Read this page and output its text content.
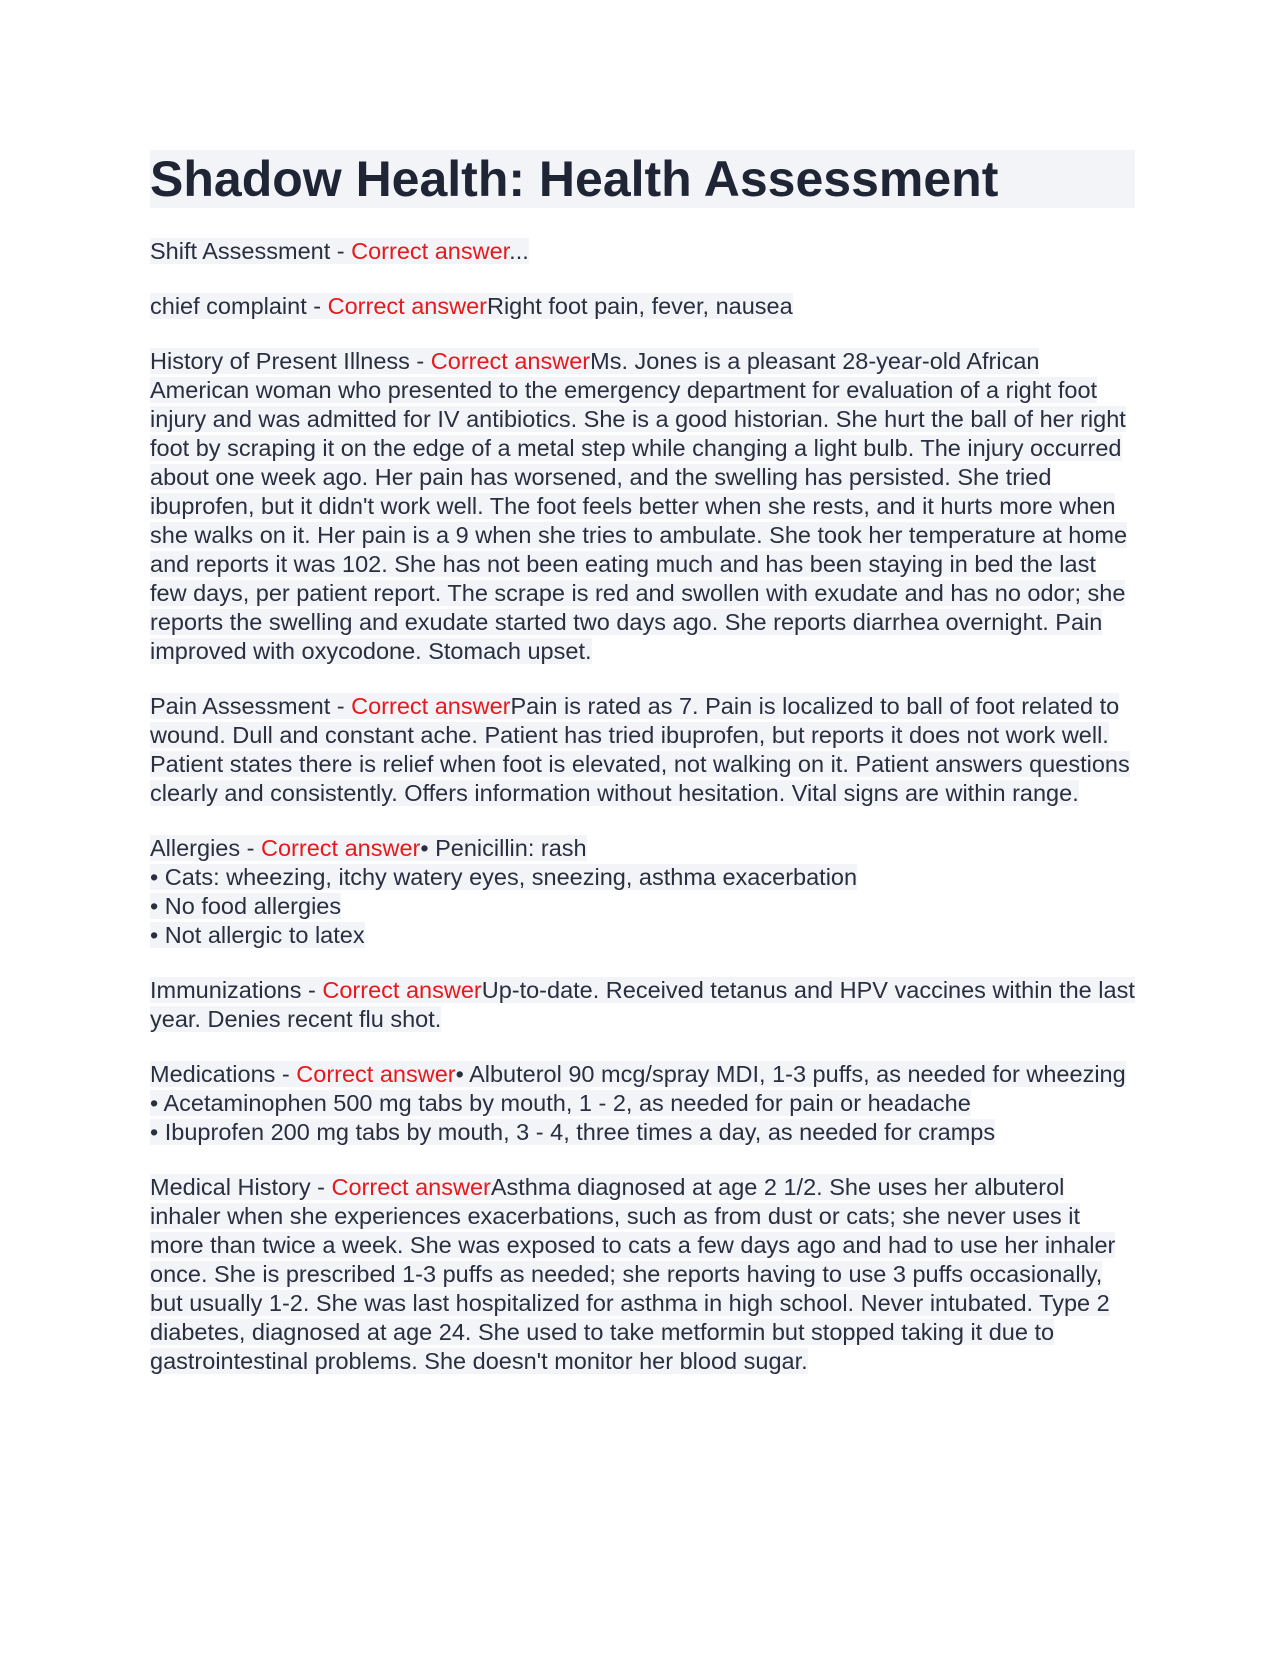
Shadow Health: Health Assessment

Shift Assessment - Correct answer...

chief complaint - Correct answerRight foot pain, fever, nausea

History of Present Illness - Correct answerMs. Jones is a pleasant 28-year-old African American woman who presented to the emergency department for evaluation of a right foot injury and was admitted for IV antibiotics. She is a good historian. She hurt the ball of her right foot by scraping it on the edge of a metal step while changing a light bulb. The injury occurred about one week ago. Her pain has worsened, and the swelling has persisted. She tried ibuprofen, but it didn't work well. The foot feels better when she rests, and it hurts more when she walks on it. Her pain is a 9 when she tries to ambulate. She took her temperature at home and reports it was 102. She has not been eating much and has been staying in bed the last few days, per patient report. The scrape is red and swollen with exudate and has no odor; she reports the swelling and exudate started two days ago. She reports diarrhea overnight. Pain improved with oxycodone. Stomach upset.

Pain Assessment - Correct answerPain is rated as 7. Pain is localized to ball of foot related to wound. Dull and constant ache. Patient has tried ibuprofen, but reports it does not work well. Patient states there is relief when foot is elevated, not walking on it. Patient answers questions clearly and consistently. Offers information without hesitation. Vital signs are within range.

Allergies - Correct answer• Penicillin: rash
• Cats: wheezing, itchy watery eyes, sneezing, asthma exacerbation
• No food allergies
• Not allergic to latex

Immunizations - Correct answerUp-to-date. Received tetanus and HPV vaccines within the last year. Denies recent flu shot.

Medications - Correct answer• Albuterol 90 mcg/spray MDI, 1-3 puffs, as needed for wheezing
• Acetaminophen 500 mg tabs by mouth, 1 - 2, as needed for pain or headache
• Ibuprofen 200 mg tabs by mouth, 3 - 4, three times a day, as needed for cramps

Medical History - Correct answerAsthma diagnosed at age 2 1/2. She uses her albuterol inhaler when she experiences exacerbations, such as from dust or cats; she never uses it more than twice a week. She was exposed to cats a few days ago and had to use her inhaler once. She is prescribed 1-3 puffs as needed; she reports having to use 3 puffs occasionally, but usually 1-2. She was last hospitalized for asthma in high school. Never intubated. Type 2 diabetes, diagnosed at age 24. She used to take metformin but stopped taking it due to gastrointestinal problems. She doesn't monitor her blood sugar.
